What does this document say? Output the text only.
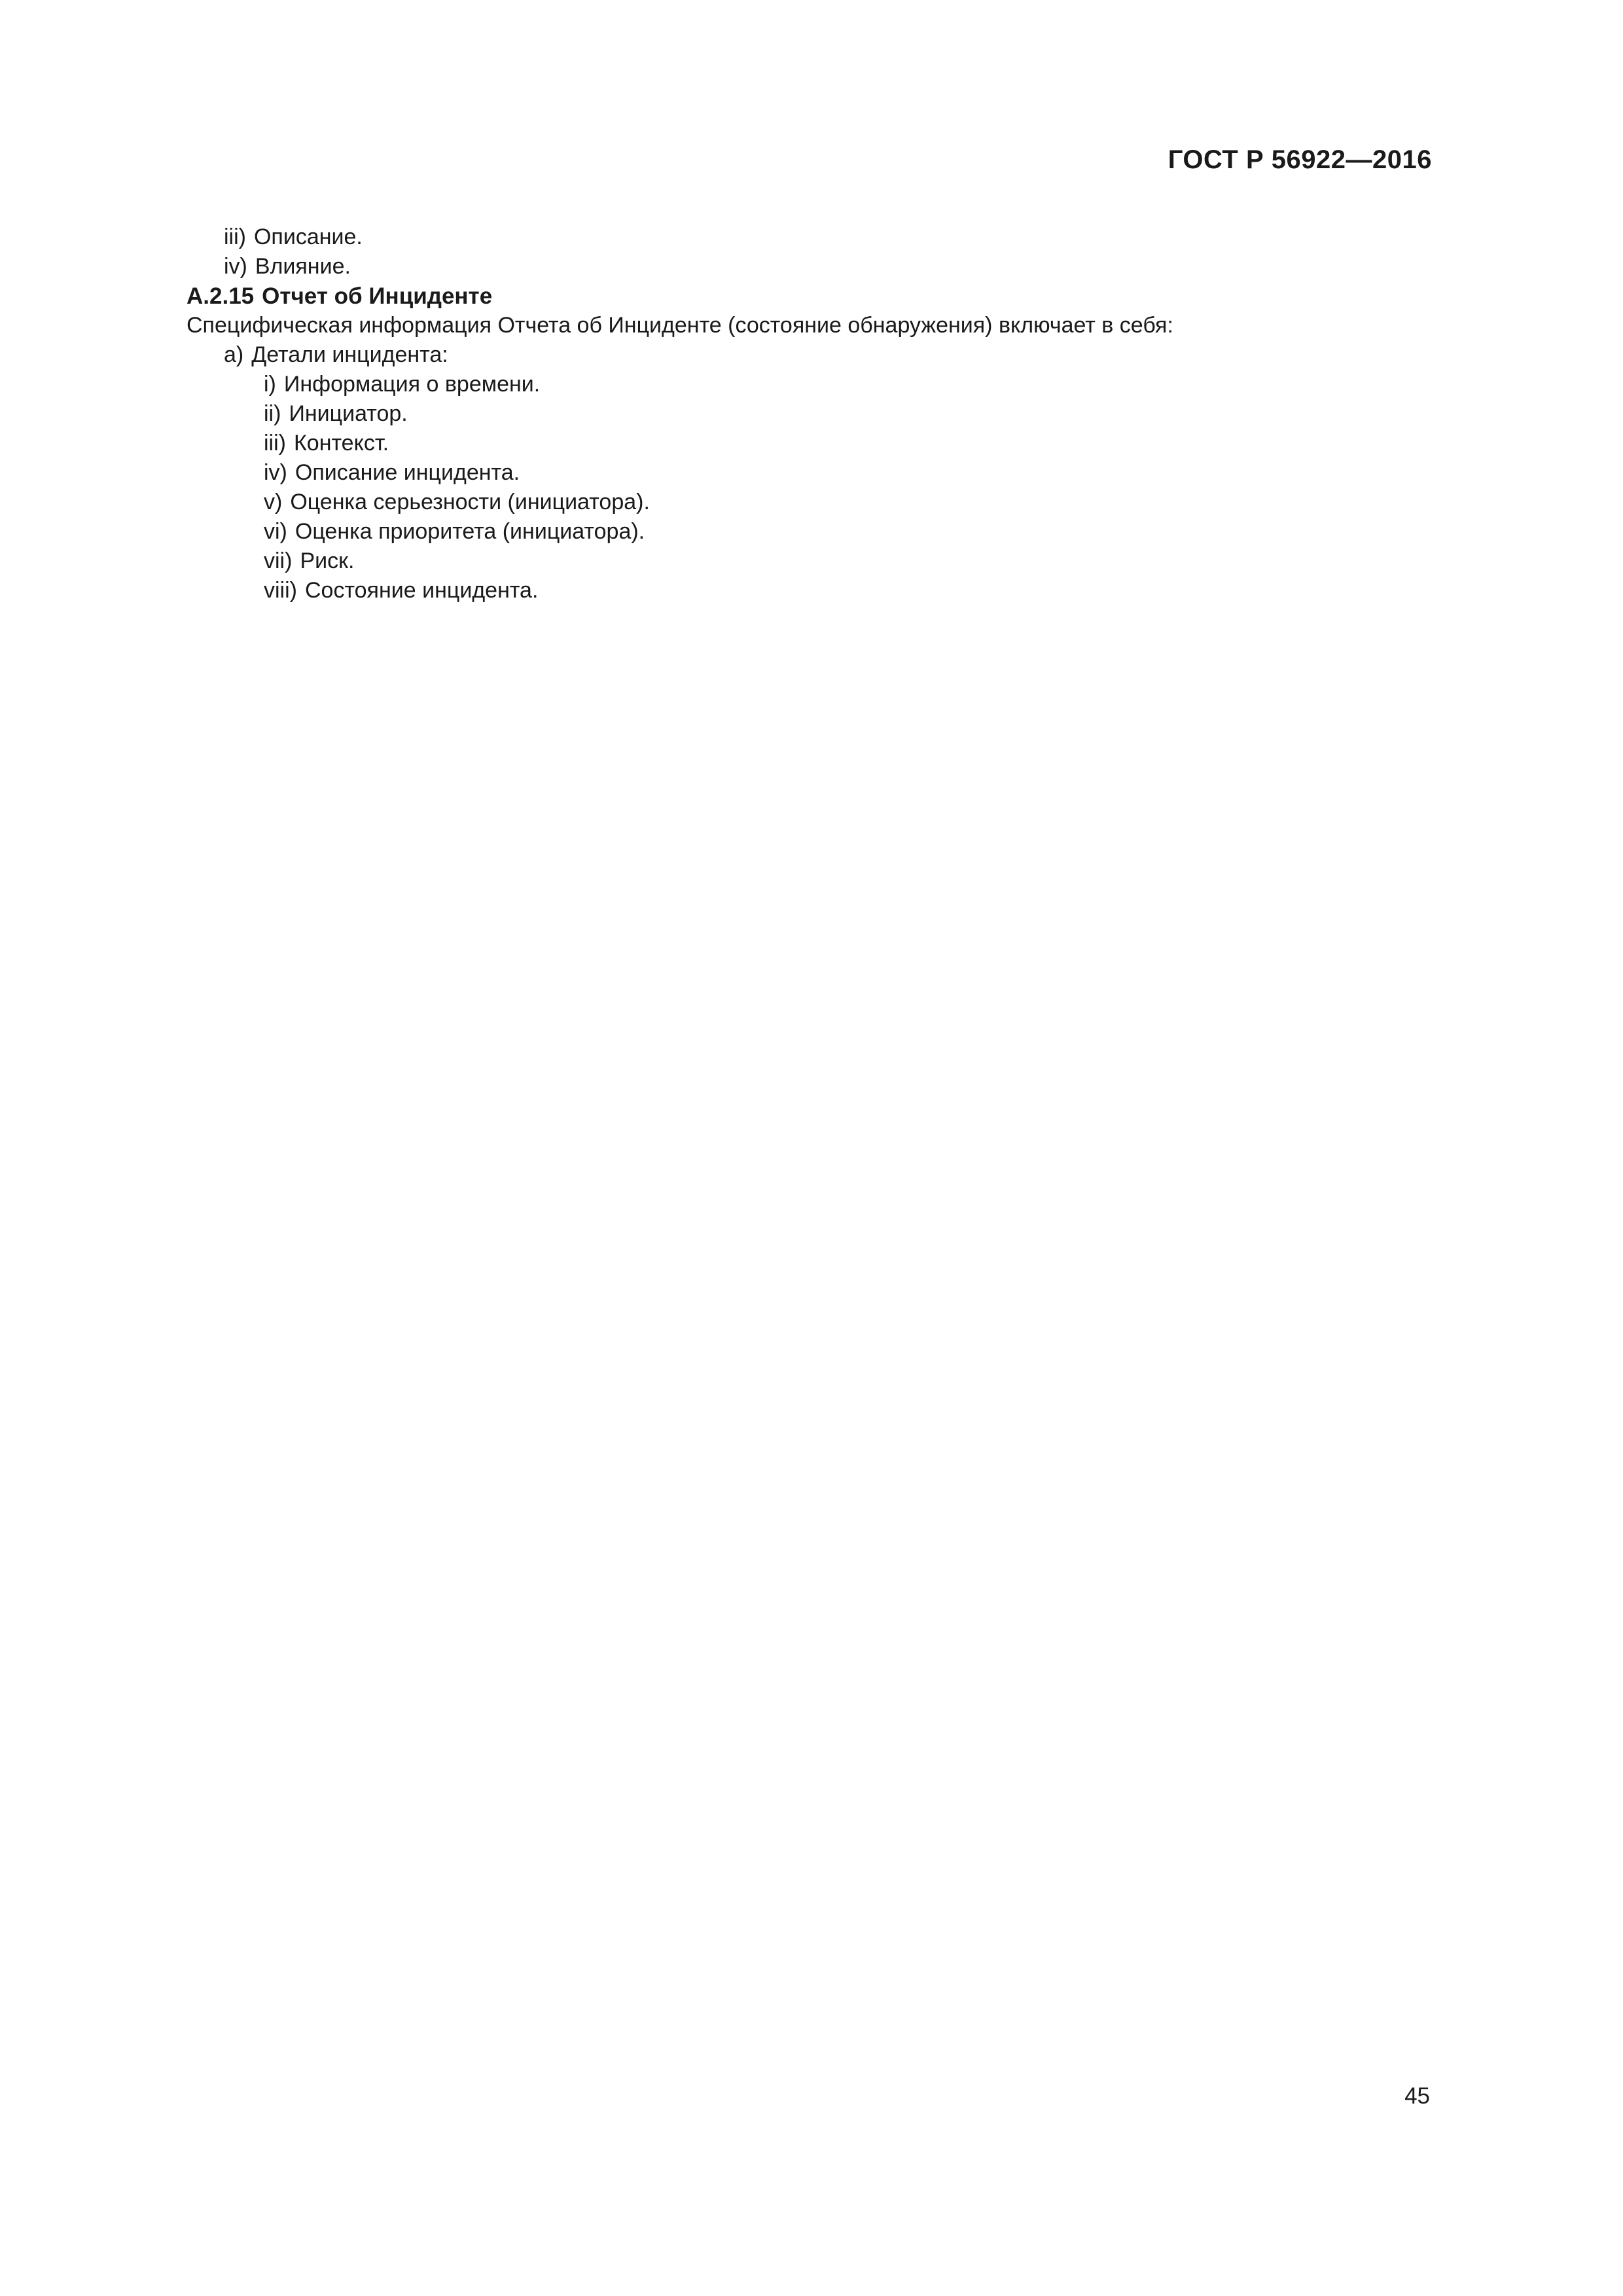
ГОСТ Р 56922—2016
iii) Описание.
iv) Влияние.
А.2.15 Отчет об Инциденте
Специфическая информация Отчета об Инциденте (состояние обнаружения) включает в себя:
а) Детали инцидента:
i) Информация о времени.
ii) Инициатор.
iii) Контекст.
iv) Описание инцидента.
v) Оценка серьезности (инициатора).
vi) Оценка приоритета (инициатора).
vii) Риск.
viii) Состояние инцидента.
45
